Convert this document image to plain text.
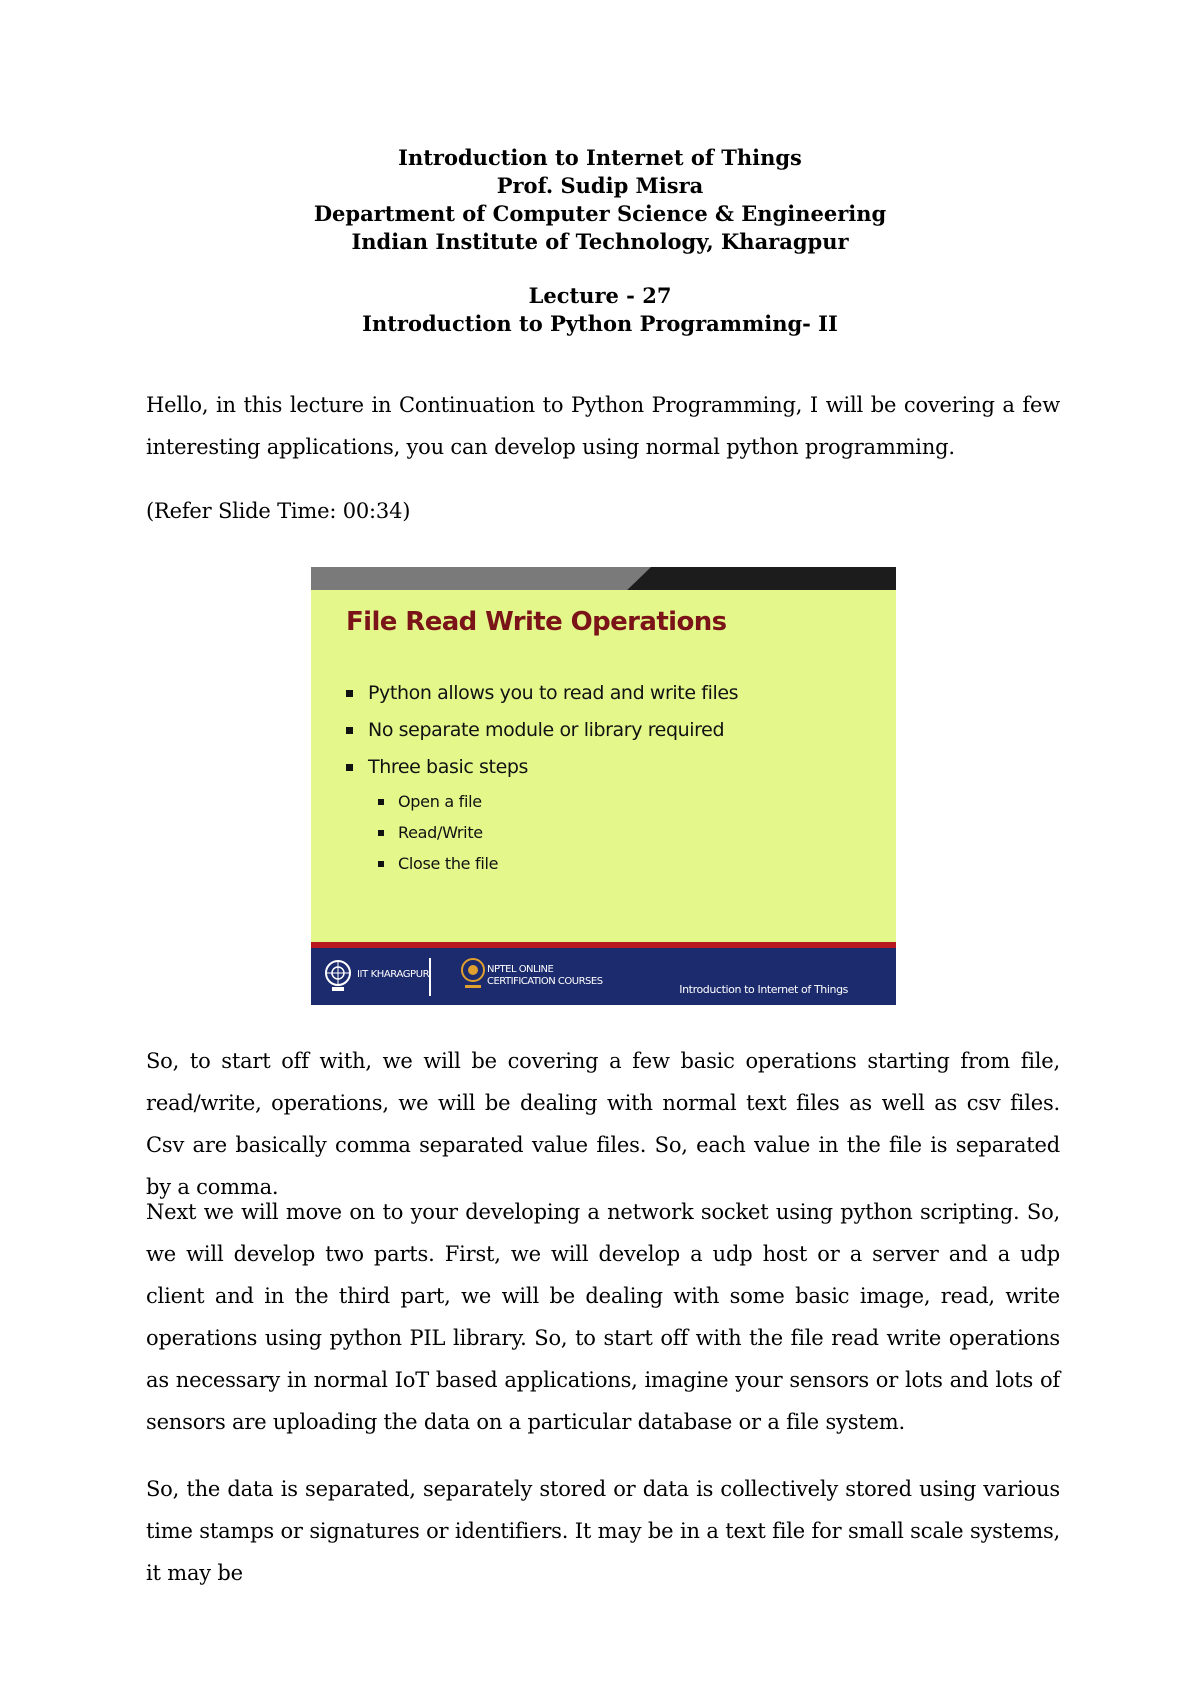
Introduction to Internet of Things
Prof. Sudip Misra
Department of Computer Science & Engineering
Indian Institute of Technology, Kharagpur
Lecture - 27
Introduction to Python Programming- II

Hello, in this lecture in Continuation to Python Programming, I will be covering a few interesting applications, you can develop using normal python programming.

(Refer Slide Time: 00:34)

File Read Write Operations
Python allows you to read and write files
No separate module or library required
Three basic steps
Open a file
Read/Write
Close the file
IIT KHARAGPUR	NPTEL ONLINE
CERTIFICATION COURSES
Introduction to Internet of Things

So, to start off with, we will be covering a few basic operations starting from file, read/write, operations, we will be dealing with normal text files as well as csv files. Csv are basically comma separated value files. So, each value in the file is separated by a comma.

Next we will move on to your developing a network socket using python scripting. So, we will develop two parts. First, we will develop a udp host or a server and a udp client and in the third part, we will be dealing with some basic image, read, write operations using python PIL library. So, to start off with the file read write operations as necessary in normal IoT based applications, imagine your sensors or lots and lots of sensors are uploading the data on a particular database or a file system.

So, the data is separated, separately stored or data is collectively stored using various time stamps or signatures or identifiers. It may be in a text file for small scale systems, it may be
